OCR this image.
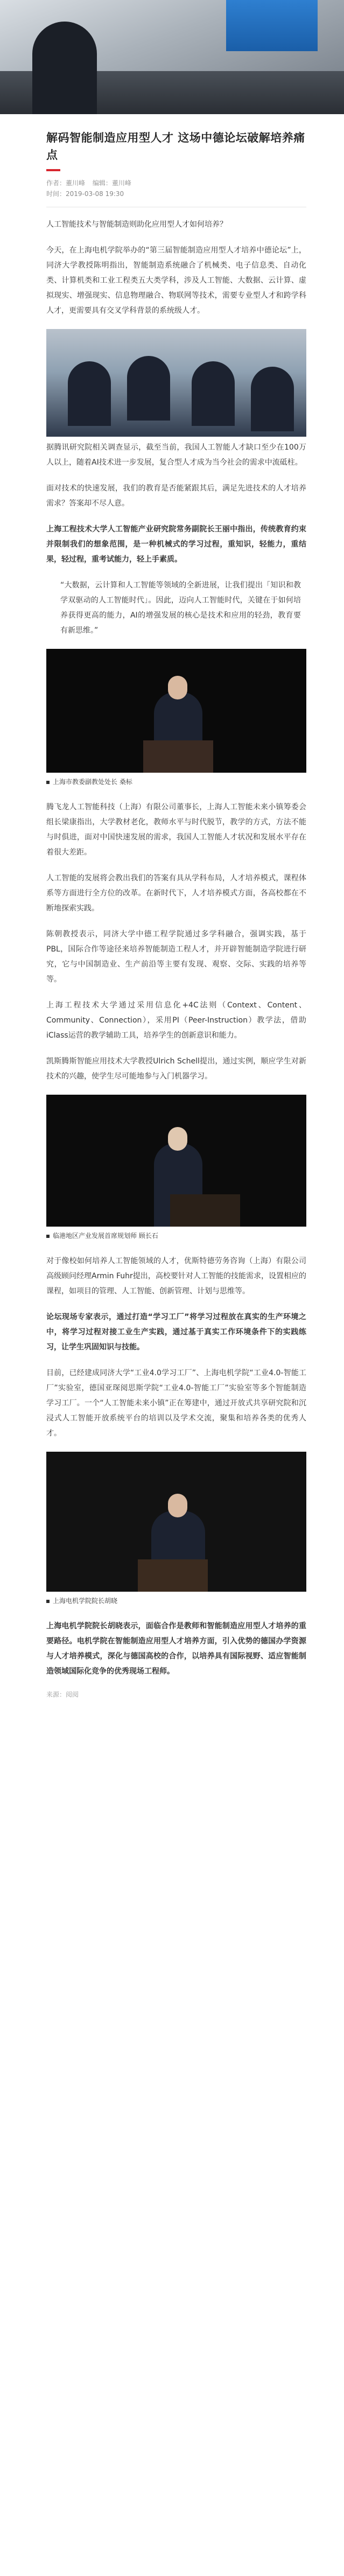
解码智能制造应用型人才 这场中德论坛破解培养痛点
作者：董川峰 编辑：董川峰
时间：2019-03-08 19:30

人工智能技术与智能制造则助化应用型人才如何培养？

今天，在上海电机学院举办的“第三届智能制造应用型人才培养中德论坛”上，同济大学教授陈明指出，智能制造系统融合了机械类、电子信息类、自动化类、计算机类和工业工程类五大类学科，涉及人工智能、大数据、云计算、虚拟现实、增强现实、信息物理融合、物联网等技术，需要专业型人才和跨学科人才，更需要具有交叉学科背景的系统级人才。

据腾讯研究院相关调查显示，截至当前，我国人工智能人才缺口至少在100万人以上，随着AI技术进一步发展，复合型人才成为当今社会的需求中流砥柱。

面对技术的快速发展，我们的教育是否能紧跟其后，满足先进技术的人才培养需求？答案却不尽人意。

上海工程技术大学人工智能产业研究院常务副院长王丽中指出，传统教育约束并限制我们的想象范围，是一种机械式的学习过程，重知识，轻能力，重结果，轻过程，重考试能力，轻上手素质。

“大数据，云计算和人工智能等领域的全新进展，让我们提出「知识和教学双驱动的人工智能时代」。因此，迈向人工智能时代，关键在于如何培养获得更高的能力，AI的增强发展的核心是技术和应用的轻劲，教育要有新思维。”

上海市教委副教处处长 桑标

腾飞龙人工智能科技（上海）有限公司董事长，上海人工智能未来小镇筹委会组长梁康指出，大学教材老化，教师水平与时代脱节，教学的方式，方法不能与时俱进，面对中国快速发展的需求，我国人工智能人才状况和发展水平存在着很大差距。

人工智能的发展将会教出我们的答案有具从学科布局，人才培养模式，课程体系等方面进行全方位的改革。在新时代下，人才培养模式方面，各高校都在不断地探索实践。

陈朝教授表示，同济大学中德工程学院通过多学科融合，强调实践，基于PBL，国际合作等途径来培养智能制造工程人才，并开辟智能制造学院进行研究，它与中国制造业、生产前沿等主要有发现、观察、交际、实践的培养等等。

上海工程技术大学通过采用信息化+4C法则（Context、Content、Community、Connection），采用PI（Peer-Instruction）教学法，借助iClass运营的教学辅助工具，培养学生的创新意识和能力。

凯斯腾斯智能应用技术大学教授Ulrich Schell提出，通过实例，顺应学生对新技术的兴趣，使学生尽可能地参与入门机器学习。

临港地区产业发展首席规划师 顾长石

对于像校如何培养人工智能领域的人才，优斯特德劳务咨询（上海）有限公司高级顾问经理Armin Fuhr提出，高校要针对人工智能的技能需求，设置相应的课程，如项目的管理、人工智能、创新管理、计划与思维等。

论坛现场专家表示，通过打造“学习工厂”将学习过程放在真实的生产环境之中，将学习过程对接工业生产实践，通过基于真实工作环境条件下的实践练习，让学生巩固知识与技能。

目前，已经建成同济大学“工业4.0学习工厂”、上海电机学院“工业4.0-智能工厂”实验室，德国亚琛阅思斯学院“工业4.0-智能工厂”实验室等多个智能制造学习工厂。一个“人工智能未来小镇”正在筹建中，通过开放式共享研究院和沉浸式人工智能开放系统平台的培训以及学术交流，聚集和培养各类的优秀人才。

上海电机学院院长胡晓

上海电机学院院长胡晓表示，面临合作是教师和智能制造应用型人才培养的重要路径。电机学院在智能制造应用型人才培养方面，引入优势的德国办学资源与人才培养模式，深化与德国高校的合作，以培养具有国际视野、适应智能制造领域国际化竞争的优秀现场工程师。

来源：阅阅
